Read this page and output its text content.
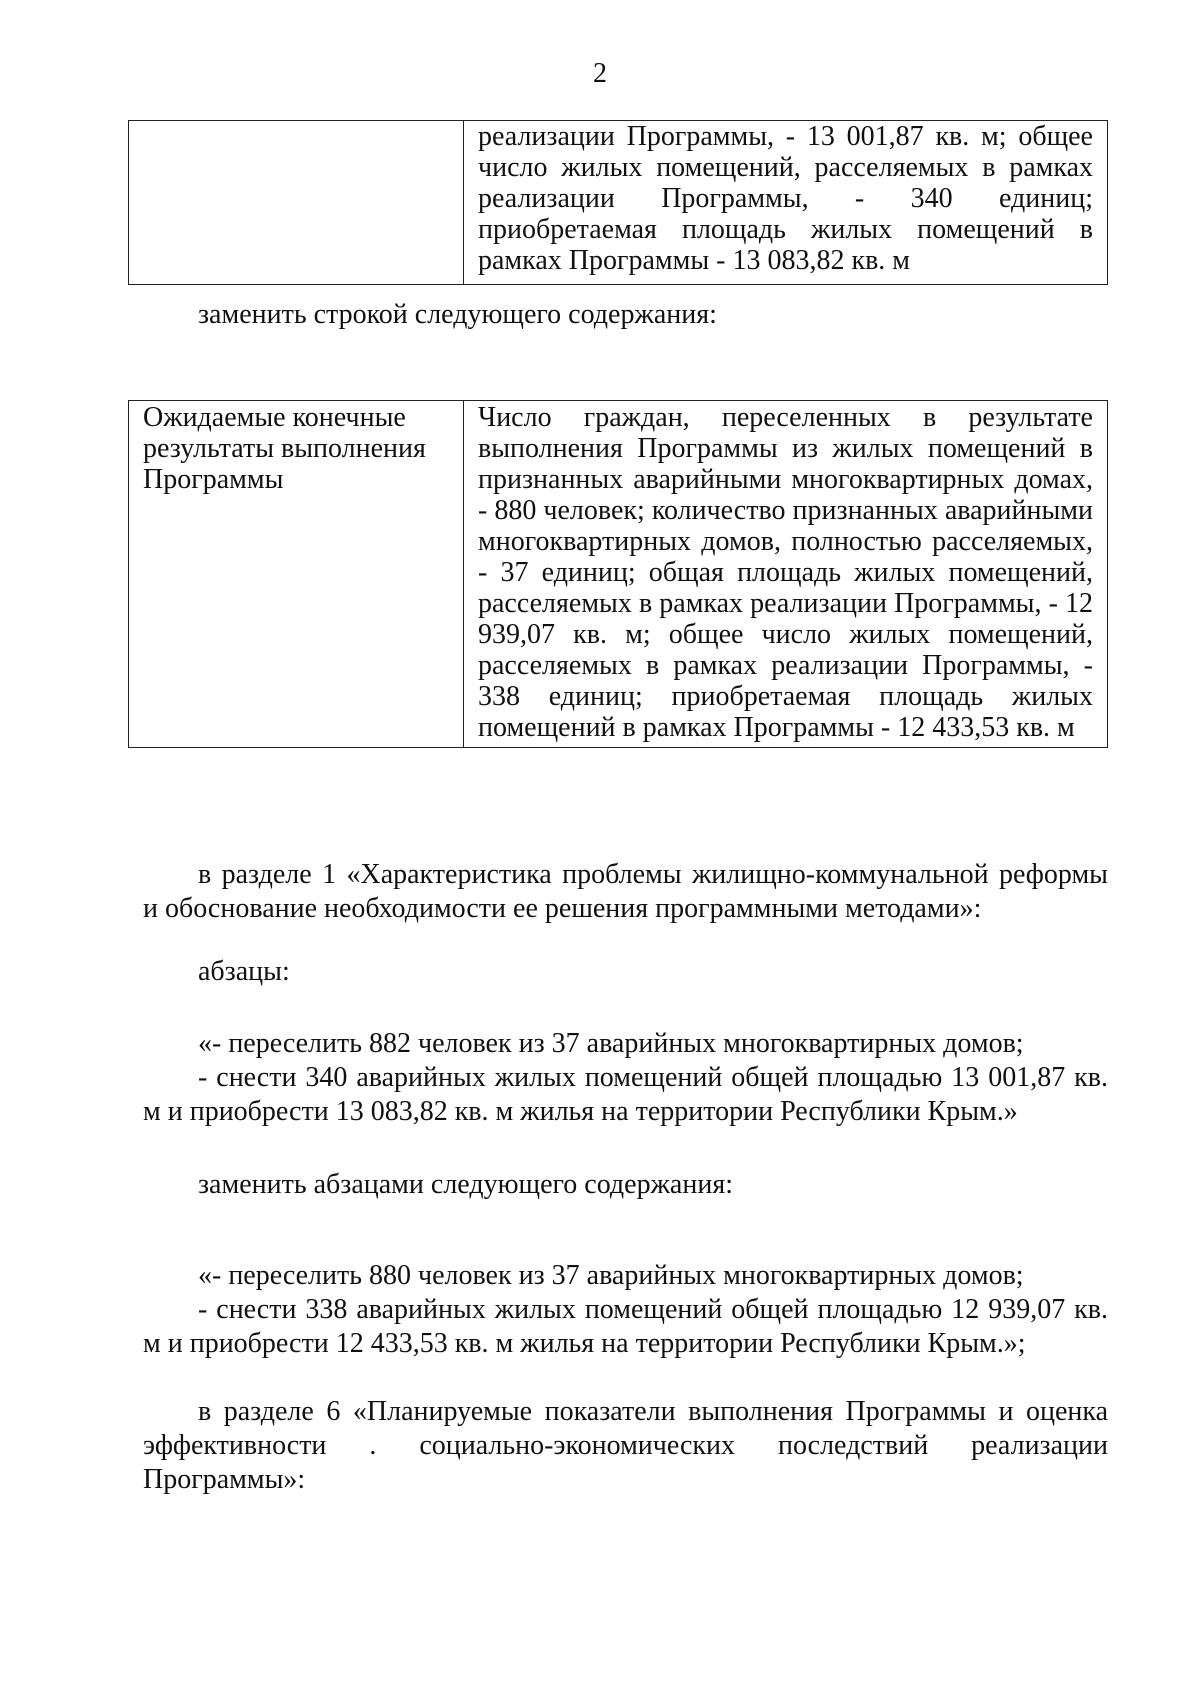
2
	реализации Программы, - 13 001,87 кв. м; общее число жилых помещений, расселяемых в рамках реализации Программы, - 340 единиц; приобретаемая площадь жилых помещений в рамках Программы - 13 083,82 кв. м

заменить строкой следующего содержания:

Ожидаемые конечные результаты выполнения Программы	Число граждан, переселенных в результате выполнения Программы из жилых помещений в признанных аварийными многоквартирных домах, - 880 человек; количество признанных аварийными многоквартирных домов, полностью расселяемых, - 37 единиц; общая площадь жилых помещений, расселяемых в рамках реализации Программы, - 12 939,07 кв. м; общее число жилых помещений, расселяемых в рамках реализации Программы, - 338 единиц; приобретаемая площадь жилых помещений в рамках Программы - 12 433,53 кв. м

в разделе 1 «Характеристика проблемы жилищно-коммунальной реформы и обоснование необходимости ее решения программными методами»:

абзацы:

«- переселить 882 человек из 37 аварийных многоквартирных домов;
- снести 340 аварийных жилых помещений общей площадью 13 001,87 кв. м и приобрести 13 083,82 кв. м жилья на территории Республики Крым.»

заменить абзацами следующего содержания:

«- переселить 880 человек из 37 аварийных многоквартирных домов;
- снести 338 аварийных жилых помещений общей площадью 12 939,07 кв. м и приобрести 12 433,53 кв. м жилья на территории Республики Крым.»;

в разделе 6 «Планируемые показатели выполнения Программы и оценка эффективности . социально-экономических последствий реализации Программы»:
